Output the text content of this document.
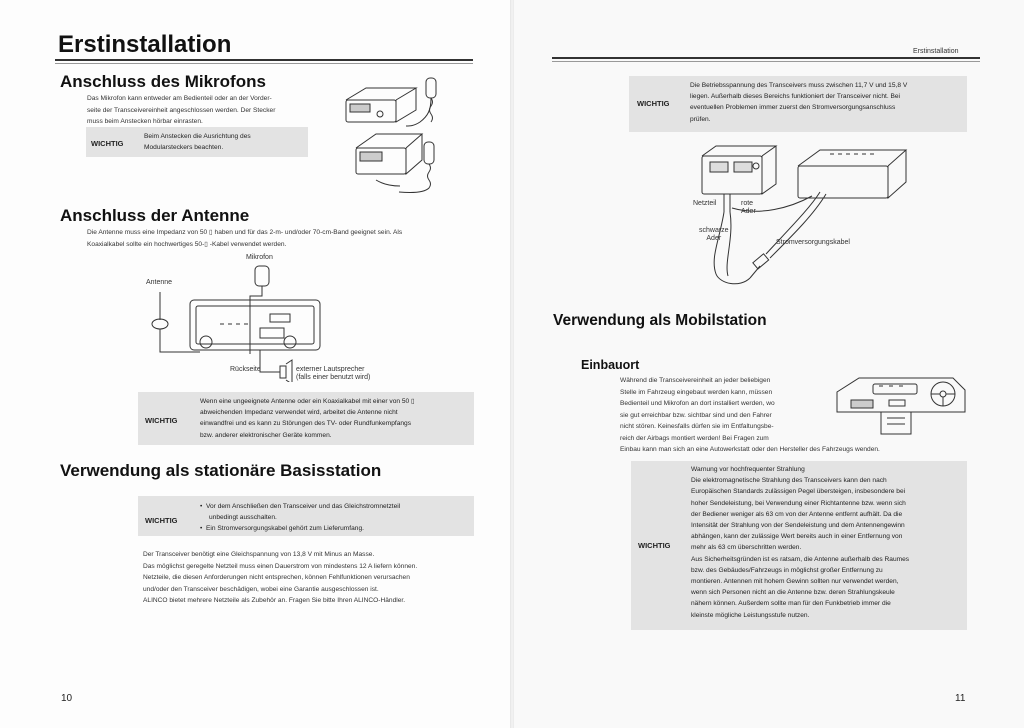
Erstinstallation
Anschluss des Mikrofons
Das Mikrofon kann entweder am Bedienteil oder an der Vorder-
seite der Transceivereinheit angeschlossen werden. Der Stecker
muss beim Anstecken hörbar einrasten.
WICHTIG
Beim Anstecken die Ausrichtung des
Modularsteckers beachten.
Anschluss der Antenne
Die Antenne muss eine Impedanz von 50 ▯ haben und für das 2-m- und/oder 70-cm-Band geeignet sein. Als
Koaxialkabel sollte ein hochwertiges 50-▯ -Kabel verwendet werden.
Mikrofon
Antenne
Rückseite	externer Lautsprecher
(falls einer benutzt wird)
WICHTIG
Wenn eine ungeeignete Antenne oder ein Koaxialkabel mit einer von 50 ▯
abweichenden Impedanz verwendet wird, arbeitet die Antenne nicht
einwandfrei und es kann zu Störungen des TV- oder Rundfunkempfangs
bzw. anderer elektronischer Geräte kommen.
Verwendung als stationäre Basisstation
WICHTIG
•  Vor dem Anschließen den Transceiver und das Gleichstromnetzteil
unbedingt ausschalten.
•  Ein Stromversorgungskabel gehört zum Lieferumfang.
Der Transceiver benötigt eine Gleichspannung von 13,8 V mit Minus an Masse.
Das möglichst geregelte Netzteil muss einen Dauerstrom von mindestens 12 A liefern können.
Netzteile, die diesen Anforderungen nicht entsprechen, können Fehlfunktionen verursachen
und/oder den Transceiver beschädigen, wobei eine Garantie ausgeschlossen ist.
ALINCO bietet mehrere Netzteile als Zubehör an. Fragen Sie bitte Ihren ALINCO-Händler.
10
Erstinstallation
WICHTIG
Die Betriebsspannung des Transceivers muss zwischen 11,7 V und 15,8 V
liegen. Außerhalb dieses Bereichs funktioniert der Transceiver nicht. Bei
eventuellen Problemen immer zuerst den Stromversorgungsanschluss
prüfen.
Netzteil	rote
Ader
schwarze
Ader
Stromversorgungskabel
Verwendung als Mobilstation
Einbauort
Während die Transceivereinheit an jeder beliebigen
Stelle im Fahrzeug eingebaut werden kann, müssen
Bedienteil und Mikrofon an dort installiert werden, wo
sie gut erreichbar bzw. sichtbar sind und den Fahrer
nicht stören. Keinesfalls dürfen sie im Entfaltungsbe-
reich der Airbags montiert werden! Bei Fragen zum
Einbau kann man sich an eine Autowerkstatt oder den Hersteller des Fahrzeugs wenden.
WICHTIG
Warnung vor hochfrequenter Strahlung
Die elektromagnetische Strahlung des Transceivers kann den nach
Europäischen Standards zulässigen Pegel übersteigen, insbesondere bei
hoher Sendeleistung, bei Verwendung einer Richtantenne bzw. wenn sich
der Bediener weniger als 63 cm von der Antenne entfernt aufhält. Da die
Intensität der Strahlung von der Sendeleistung und dem Antennengewinn
abhängen, kann der zulässige Wert bereits auch in einer Entfernung von
mehr als 63 cm überschritten werden.
Aus Sicherheitsgründen ist es ratsam, die Antenne außerhalb des Raumes
bzw. des Gebäudes/Fahrzeugs in möglichst großer Entfernung zu
montieren. Antennen mit hohem Gewinn sollten nur verwendet werden,
wenn sich Personen nicht an die Antenne bzw. deren Strahlungskeule
nähern können. Außerdem sollte man für den Funkbetrieb immer die
kleinste mögliche Leistungsstufe nutzen.
11
